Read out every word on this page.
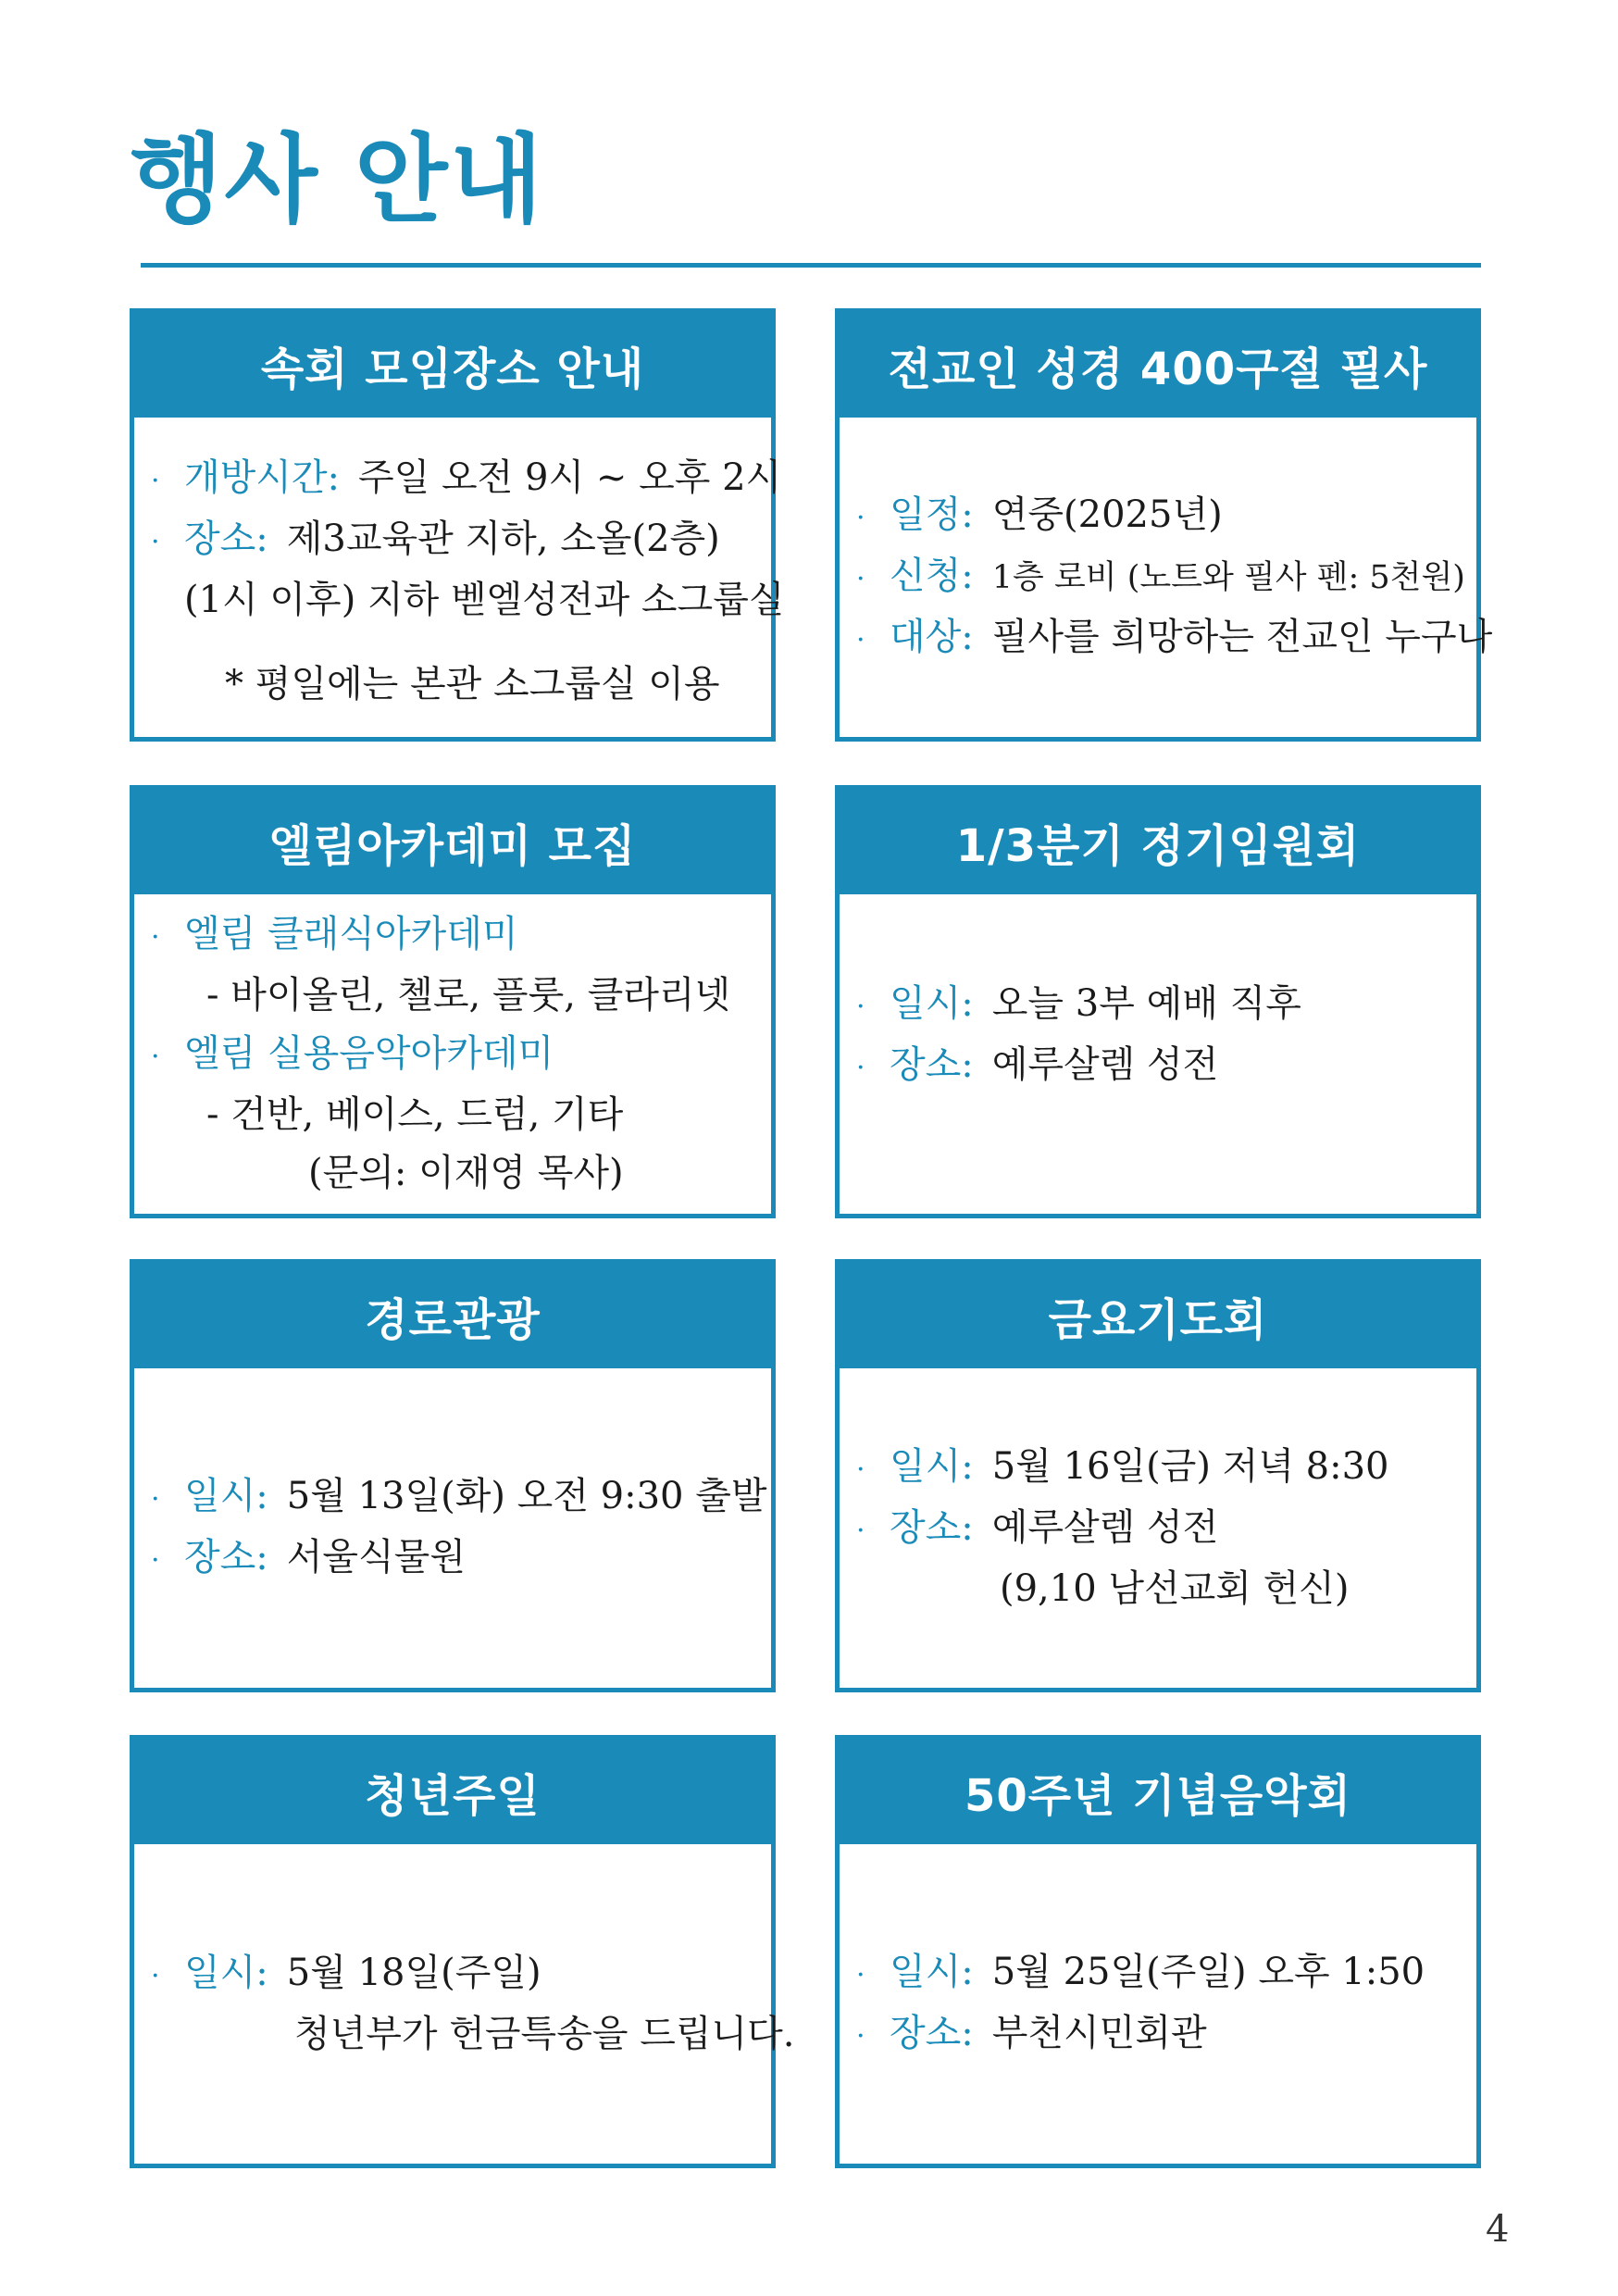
행사 안내
속회 모임장소 안내
· 개방시간: 주일 오전 9시 ~ 오후 2시
· 장소: 제3교육관 지하, 소올(2층)
(1시 이후) 지하 벧엘성전과 소그룹실
* 평일에는 본관 소그룹실 이용
전교인 성경 400구절 필사
· 일정: 연중(2025년)
· 신청: 1층 로비 (노트와 필사 펜: 5천원)
· 대상: 필사를 희망하는 전교인 누구나
엘림아카데미 모집
· 엘림 클래식아카데미
- 바이올린, 첼로, 플룻, 클라리넷
· 엘림 실용음악아카데미
- 건반, 베이스, 드럼, 기타
(문의: 이재영 목사)
1/3분기 정기임원회
· 일시: 오늘 3부 예배 직후
· 장소: 예루살렘 성전
경로관광
· 일시: 5월 13일(화) 오전 9:30 출발
· 장소: 서울식물원
금요기도회
· 일시: 5월 16일(금) 저녁 8:30
· 장소: 예루살렘 성전
(9,10 남선교회 헌신)
청년주일
· 일시: 5월 18일(주일)
청년부가 헌금특송을 드립니다.
50주년 기념음악회
· 일시: 5월 25일(주일) 오후 1:50
· 장소: 부천시민회관
4
